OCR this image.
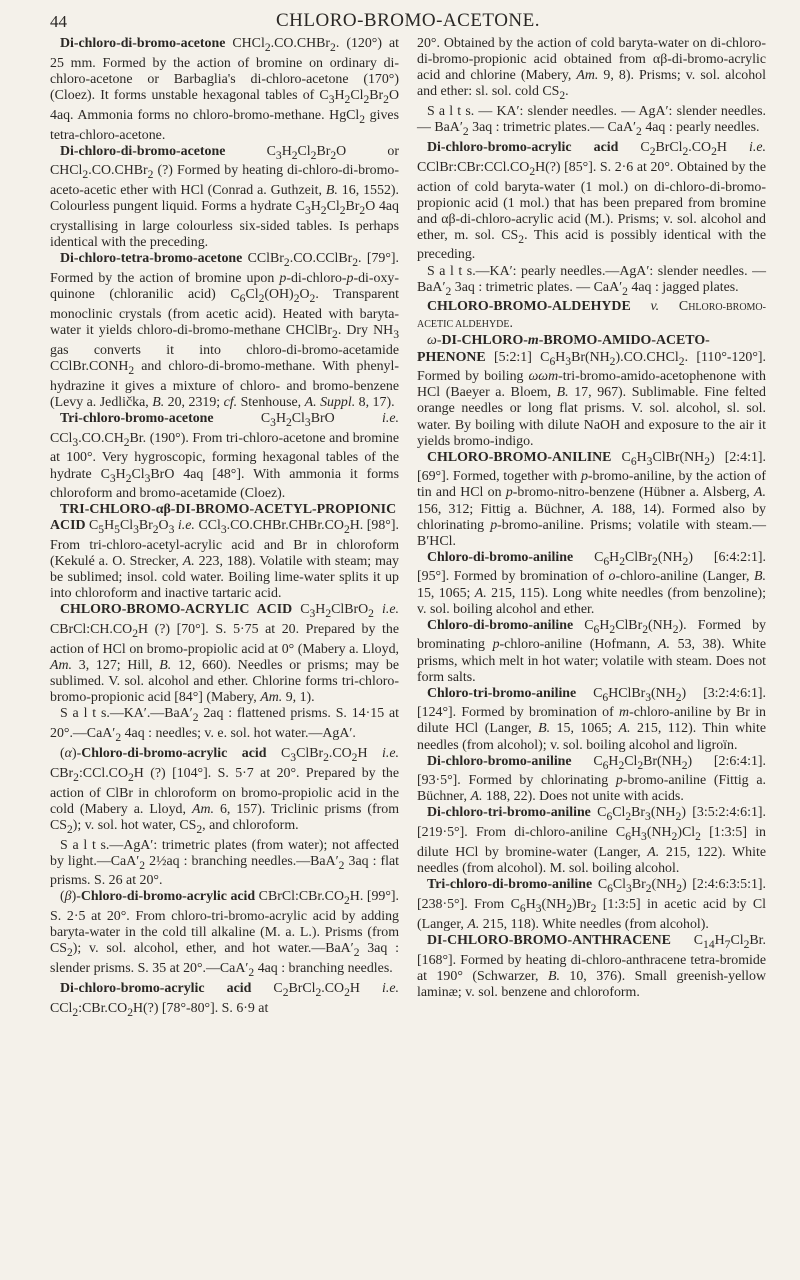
44	CHLORO-BROMO-ACETONE.

Di-chloro-di-bromo-acetone CHCl$_2$.CO.CHBr$_2$. (120°) at 25 mm. Formed by the action of bromine on ordinary di-chloro-acetone or Barbaglia's di-chloro-acetone (170°) (Cloez). It forms unstable hexagonal tables of $C_3H_2Cl_2Br_2O$ 4aq. Ammonia forms no chloro-bromo-methane. HgCl$_2$ gives tetra-chloro-acetone.

Di-chloro-di-bromo-acetone $C_3H_2Cl_2Br_2O$ or CHCl$_2$.CO.CHBr$_2$ (?) Formed by heating di-chloro-di-bromo-aceto-acetic ether with HCl (Conrad a. Guthzeit, B. 16, 1552). Colourless pungent liquid. Forms a hydrate $C_3H_2Cl_2Br_2O$ 4aq crystallising in large colourless six-sided tables. Is perhaps identical with the preceding.

Di-chloro-tetra-bromo-acetone CClBr$_2$.CO.CClBr$_2$. [79°]. Formed by the action of bromine upon p-di-chloro-p-di-oxy-quinone (chloranilic acid) $C_6Cl_2(OH)_2O_2$. Transparent monoclinic crystals (from acetic acid). Heated with baryta-water it yields chloro-di-bromo-methane CHClBr$_2$. Dry $NH_3$ gas converts it into chloro-di-bromo-acetamide $CClBr.CONH_2$ and chloro-di-bromo-methane. With phenyl-hydrazine it gives a mixture of chloro- and bromo-benzene (Levy a. Jedlička, B. 20, 2319; cf. Stenhouse, A. Suppl. 8, 17).

Tri-chloro-bromo-acetone $C_3H_2Cl_3BrO$ i.e. $CCl_3.CO.CH_2Br$. (190°). From tri-chloro-acetone and bromine at 100°. Very hygroscopic, forming hexagonal tables of the hydrate $C_3H_2Cl_3BrO$ 4aq [48°]. With ammonia it forms chloroform and bromo-acetamide (Cloez).

TRI-CHLORO-αβ-DI-BROMO-ACETYL-PROPIONIC ACID $C_5H_5Cl_3Br_2O_3$ i.e. $CCl_3.CO.CHBr.CHBr.CO_2H$. [98°]. From tri-chloro-acetyl-acrylic acid and Br in chloroform (Kekulé a. O. Strecker, A. 223, 188). Volatile with steam; may be sublimed; insol. cold water. Boiling lime-water splits it up into chloroform and inactive tartaric acid.

CHLORO-BROMO-ACRYLIC ACID $C_3H_2ClBrO_2$ i.e. $CBrCl:CH.CO_2H$ (?) [70°]. S. 5·75 at 20. Prepared by the action of HCl on bromo-propiolic acid at 0° (Mabery a. Lloyd, Am. 3, 127; Hill, B. 12, 660). Needles or prisms; may be sublimed. V. sol. alcohol and ether. Chlorine forms tri-chloro-bromo-propionic acid [84°] (Mabery, Am. 9, 1).

S a l t $s.—KA'.—BaA'_2$ 2aq : flattened prisms. S. 14·15 at $20^\circ.—CaA'_2$ 4aq : needles; v. e. sol. hot water.—AgA′.

(α)-Chloro-di-bromo-acrylic acid $C_3ClBr_2.CO_2H$ i.e. $CBr_2:CCl.CO_2H$ (?) [104°]. S. 5·7 at 20°. Prepared by the action of ClBr in chloroform on bromo-propiolic acid in the cold (Mabery a. Lloyd, Am. 6, 157). Triclinic prisms (from $CS_2$); v. sol. hot water, $CS_2$, and chloroform.

S a l t s.—AgA′: trimetric plates (from water); not affected by $light.—CaA'_2$ 2½aq : branching $needles.—BaA'_2$ 3aq : flat prisms. S. 26 at 20°.

(β)-Chloro-di-bromo-acrylic acid $CBrCl:CBr.CO_2H$. [99°]. S. 2·5 at 20°. From chloro-tri-bromo-acrylic acid by adding baryta-water in the cold till alkaline (M. a. L.). Prisms (from $CS_2$); v. sol. alcohol, ether, and hot $water.—BaA'_2$ 3aq : slender prisms. S. 35 at $20^\circ.—CaA'_2$ 4aq : branching needles.

Di-chloro-bromo-acrylic acid $C_2BrCl_2.CO_2H$ i.e. $CCl_2:CBr.CO_2H(?)$ [78°-80°]. S. 6·9 at

20°. Obtained by the action of cold baryta-water on di-chloro-di-bromo-propionic acid obtained from αβ-di-bromo-acrylic acid and chlorine (Mabery, Am. 9, 8). Prisms; v. sol. alcohol and ether: sl. sol. cold $CS_2$.

S a l t s. — KA′: slender needles. — AgA′: slender needles.— $BaA'_2$ 3aq : trimetric plates.— $CaA'_2$ 4aq : pearly needles.

Di-chloro-bromo-acrylic acid $C_2BrCl_2.CO_2H$ i.e. $CClBr:CBr:CCl.CO_2H(?)$ [85°]. S. 2·6 at 20°. Obtained by the action of cold baryta-water (1 mol.) on di-chloro-di-bromo-propionic acid (1 mol.) that has been prepared from bromine and αβ-di-chloro-acrylic acid (M.). Prisms; v. sol. alcohol and ether, m. sol. $CS_2$. This acid is possibly identical with the preceding.

S a l t s.—KA′: pearly needles.—AgA′: slender needles. — $BaA'_2$ 3aq : trimetric plates. — $CaA'_2$ 4aq : jagged plates.

CHLORO-BROMO-ALDEHYDE v. CHLORO-BROMO-ACETIC ALDEHYDE.

ω-DI-CHLORO-m-BROMO-AMIDO-ACETO-PHENONE [5:2:1] $C_6H_3Br(NH_2).CO.CHCl_2$. [110°-120°]. Formed by boiling ωωm-tri-bromo-amido-acetophenone with HCl (Baeyer a. Bloem, B. 17, 967). Sublimable. Fine felted orange needles or long flat prisms. V. sol. alcohol, sl. sol. water. By boiling with dilute NaOH and exposure to the air it yields bromo-indigo.

CHLORO-BROMO-ANILINE $C_6H_3ClBr(NH_2)$ [2:4:1]. [69°]. Formed, together with p-bromo-aniline, by the action of tin and HCl on p-bromo-nitro-benzene (Hübner a. Alsberg, A. 156, 312; Fittig a. Büchner, A. 188, 14). Formed also by chlorinating p-bromo-aniline. Prisms; volatile with steam.—B′HCl.

Chloro-di-bromo-aniline $C_6H_2ClBr_2(NH_2)$ [6:4:2:1]. [95°]. Formed by bromination of o-chloro-aniline (Langer, B. 15, 1065; A. 215, 115). Long white needles (from benzoline); v. sol. boiling alcohol and ether.

Chloro-di-bromo-aniline $C_6H_2ClBr_2(NH_2)$. Formed by brominating p-chloro-aniline (Hofmann, A. 53, 38). White prisms, which melt in hot water; volatile with steam. Does not form salts.

Chloro-tri-bromo-aniline $C_6HClBr_3(NH_2)$ [3:2:4:6:1]. [124°]. Formed by bromination of m-chloro-aniline by Br in dilute HCl (Langer, B. 15, 1065; A. 215, 112). Thin white needles (from alcohol); v. sol. boiling alcohol and ligroïn.

Di-chloro-bromo-aniline $C_6H_2Cl_2Br(NH_2)$ [2:6:4:1]. [93·5°]. Formed by chlorinating p-bromo-aniline (Fittig a. Büchner, A. 188, 22). Does not unite with acids.

Di-chloro-tri-bromo-aniline $C_6Cl_2Br_3(NH_2)$ [3:5:2:4:6:1]. [219·5°]. From di-chloro-aniline $C_6H_3(NH_2)Cl_2$ [1:3:5] in dilute HCl by bromine-water (Langer, A. 215, 122). White needles (from alcohol). M. sol. boiling alcohol.

Tri-chloro-di-bromo-aniline $C_6Cl_3Br_2(NH_2)$ [2:4:6:3:5:1]. [238·5°]. From $C_6H_3(NH_2)Br_2$ [1:3:5] in acetic acid by Cl (Langer, A. 215, 118). White needles (from alcohol).

DI-CHLORO-BROMO-ANTHRACENE $C_{14}H_7Cl_2Br$. [168°]. Formed by heating di-chloro-anthracene tetra-bromide at 190° (Schwarzer, B. 10, 376). Small greenish-yellow laminæ; v. sol. benzene and chloroform.
